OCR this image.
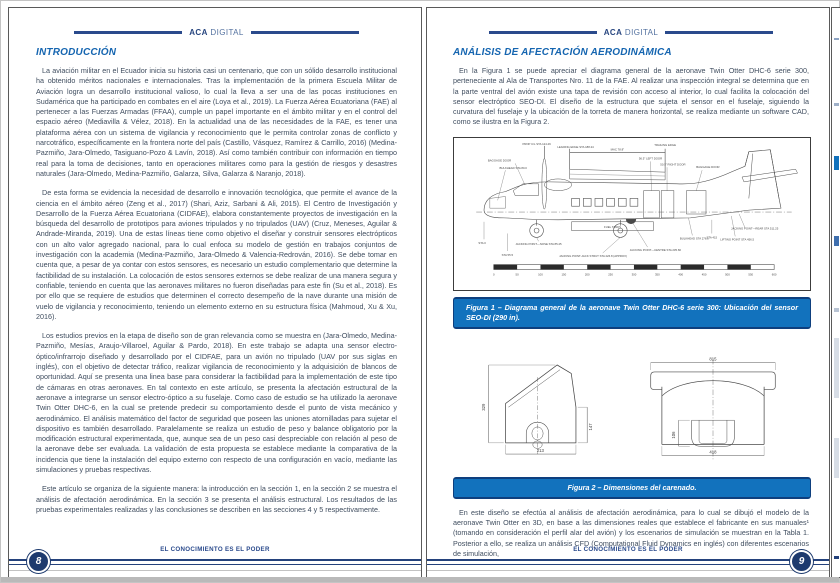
ACA DIGITAL
INTRODUCCIÓN

La aviación militar en el Ecuador inicia su historia casi un centenario, que con un sólido desarrollo institucional ha obtenido méritos nacionales e internacionales. Tras la implementación de la primera Escuela Militar de Aviación logra un desarrollo institucional valioso, lo cual la lleva a ser una de las pocas instituciones en Sudamérica que ha participado en combates en el aire (Loya et al., 2019). La Fuerza Aérea Ecuatoriana (FAE) al pertenecer a las Fuerzas Armadas (FFAA), cumple un papel importante en el ámbito militar y en el control del espacio aéreo (Mediavilla & Vélez, 2018). En la actualidad una de las necesidades de la FAE, es tener una plataforma aérea con un sistema de vigilancia y reconocimiento que le permita controlar zonas de conflicto y narcotráfico, específicamente en la frontera norte del país (Castillo, Vásquez, Ramírez & Carrillo, 2016) (Medina-Pazmiño, Jara-Olmedo, Tasiguano-Pozo & Lavín, 2018). Así como también contribuir con información en tiempo real para la toma de decisiones, tanto en operaciones militares como para la gestión de riesgos y desastres naturales (Jara-Olmedo, Medina-Pazmiño, Galarza, Silva, Galarza & Naranjo, 2018).

De esta forma se evidencia la necesidad de desarrollo e innovación tecnológica, que permite el avance de la ciencia en el ámbito aéreo (Zeng et al., 2017) (Shari, Aziz, Sarbani & Ali, 2015). El Centro de Investigación y Desarrollo de la Fuerza Aérea Ecuatoriana (CIDFAE), elabora constantemente proyectos de investigación en la búsqueda del desarrollo de prototipos para aviones tripulados y no tripulados (UAV) (Cruz, Meneses, Aguilar & Andrade-Miranda, 2019). Una de estas líneas tiene como objetivo el diseñar y construir sensores electrópticos con un alto valor agregado nacional, para lo cual enfoca su modelo de gestión en trabajos conjuntos de investigación con la academia (Medina-Pazmiño, Jara-Olmedo & Valencia-Redrován, 2016). Se debe tomar en cuenta que, a pesar de ya contar con estos sensores, es necesario un estudio complementario que determine la factibilidad de su instalación. La colocación de estos sensores externos se debe realizar de una manera segura y confiable, teniendo en cuenta que las aeronaves militares no fueron diseñadas para este fin (Su et al., 2018). Es por ello que se requiere de estudios que determinen el correcto desempeño de la nave durante una misión de vuelo de vigilancia y reconocimiento, teniendo un elemento externo en su estructura física (Mahmoud, Xu & Xu, 2016).

Los estudios previos en la etapa de diseño son de gran relevancia como se muestra en (Jara-Olmedo, Medina-Pazmiño, Mesías, Araujo-Villaroel, Aguilar & Pardo, 2018). En este trabajo se adapta una sensor electro-óptico/infrarrojo diseñado y desarrollado por el CIDFAE, para un avión no tripulado (UAV por sus siglas en inglés), con el objetivo de detectar tráfico, realizar vigilancia de reconocimiento y la adquisición de blancos de oportunidad. Aquí se presenta una linea base para considerar la factibilidad para la implementación de este tipo de cámaras en otras aeronaves. En tal contexto en este artículo, se presenta la afectación estructural de la aeronave a integrarse un sensor electro-óptico a su fuselaje. Como caso de estudio se ha utilizado la aeronave Twin Otter DHC-6, en la cual se pretende predecir su comportamiento desde el punto de vista mecánico y aerodinámico. El análisis matemático del factor de seguridad que poseen las uniones atornilladas para sujetar el dispositivo es también desarrollado. Paralelamente se realiza un estudio de peso y balance obligatorio por la modificación estructural experimentada, que, aunque sea de un peso casi despreciable con relación al peso de la aeronave debe ser evaluada. La validación de esta propuesta se establece mediante la comparativa de la incidencia que tiene la instalación del equipo externo con respecto de una configuración en vacío, mediante las simulaciones y pruebas respectivas.

Este artículo se organiza de la siguiente manera: la introducción en la sección 1, en la sección 2 se muestra el análisis de afectación aerodinámica. En la sección 3 se presenta el análisis estructural. Los resultados de las pruebas experimentales realizadas y las conclusiones se describen en las secciones 4 y 5 respectivamente.

EL CONOCIMIENTO ES EL PODER
8
ACA DIGITAL
ANÁLISIS DE AFECTACIÓN AERODINÁMICA

En la Figura 1 se puede apreciar el diagrama general de la aeronave Twin Otter DHC-6 serie 300, perteneciente al Ala de Transportes Nro. 11 de la FAE. Al realizar una inspección integral se determina que en la parte ventral del avión existe una tapa de revisión con acceso al interior, lo cual facilita la colocación del sensor electróptico SEO-DI. El diseño de la estructura que sujeta el sensor en el fuselaje, siguiendo la curvatura del fuselaje y la ubicación de la torreta de manera horizontal, se realiza mediante un software CAD, como se ilustra en la Figura 2.

0	50	100	150	200	250	300	350	400	450	500	550	600
PROP C/L STA 124.49
LEADING EDGE STA 188.24	TRAILING EDGE
MAC 78.8"
56.5" LEFT DOOR
50.5" RIGHT DOOR
BAGGAGE DOOR
BAGGAGE DOOR
BULKHEAD STA 80.0
FUEL TANKS
JACKING POINT—NOSE STA 85.45
JACKING POINT-JACK STRUT STA 226.8 (APPROX)
JACKING POINT—CENTRE STA 235.66
BULKHEAD STA 276.0	LIFTING POINT STA 456.5
JACKING POINT—REAR STA 511.25
STA 0
STA 55.5
STA 415
Figura 1 – Diagrama general de la aeronave Twin Otter DHC-6 serie 300: Ubicación del sensor SEO-DI (290 in).
329
147
213
815
106
418
Figura 2 – Dimensiones del carenado.

En este diseño se efectúa al análisis de afectación aerodinámica, para lo cual se dibujó el modelo de la aeronave Twin Otter en 3D, en base a las dimensiones reales que establece el fabricante en sus manuales¹ (tomando en consideración el perfil alar del avión) y los escenarios de simulación se muestran en la Tabla 1. Posterior a ello, se realiza un análisis CFD (Computational Fluid Dynamics en inglés) con diferentes escenarios de simulación,	EL CONOCIMIENTO ES EL PODER
9
